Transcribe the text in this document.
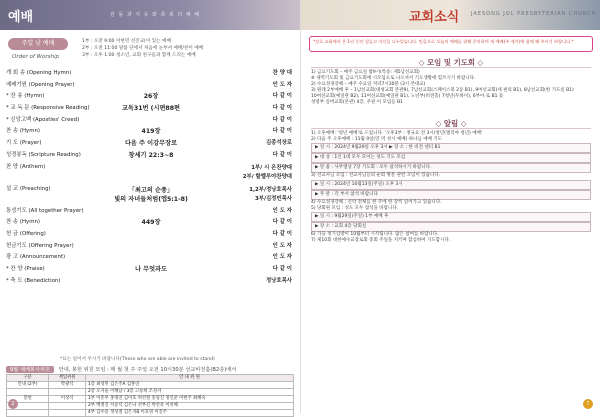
예배	감 동 과 지 유 와 축 복 의 예 배
주일 낮 예배
Order of Worship
1부 : 오전 9:00 이현민 선진교(이 있는 예배
2부 : 오전 11:00 말씀 단에서 처음에 눈부셔 예배/찬이 예배
3부 : 오후 1:00 청소년, 교회 친구들과 함께 드리는 예배
개 회 송 (Opening Hymn)	찬 양 대
예배기원 (Opening Prayer)	인 도 자
* 찬 송 (Hymn)	26장	다 같 이
* 교 독 문 (Responsive Reading)	교독31번 (시편88편	다 같 이
* 신앙고백 (Apostles' Creed)	다 같 이
찬 송 (Hymn)	419장	다 같 이
기 도 (Prayer)	다음 주 이강무장로	김종석장로
성경봉독 (Scripture Reading)	창세기 22:3~8	다 같 이
찬 양 (Anthem)	1부/ 시 온찬양대
2부/ 할렐루야찬양대
설 교 (Preaching)	「최고의 순종」
빛의 자녀들처럼(엡5:1-8)
1,2부/정낭호목사
3부/김정빈목사
통성기도 (All together Prayer)	인 도 자
찬 송 (Hymn)	449장	다 같 이
헌 금 (Offering)	다 같 이
헌금기도 (Offering Prayer)	인 도 자
광 고 (Announcement)	인 도 자
* 찬 양 (Praise)	나 무엇과도	다 같 이
* 축 도 (Benediction)	정낭호목사
*표는 일어서 주시기 바랍니다(Those who are able are invited to stand)
9월 예배봉사위원 안내, 봉헌 위원 모임 : 매 월 첫 주 주일 오전 10시30분 선교비전홀(B2층)에서
구분	책임위원	안 내 위 원
안내 (2부)	박광석	1층 최성민 김은주A 김홍연
		2층 오지윤 이해남 / 3층 고승희 조성자
봉헌	이성석	1부 이흥무 홍명진 김이호 허선철 송형진 정인준 이현주 최혜숙
		2부 백철진 서승덕 김은나 선부진 박선옥 이선혜
		4부 김수용 정성철 김은지B 이호영 이진주
2
교회소식 JAESONG JOL PRESBYTERIAN CHURCH
*장로 교회에서 온 1년 동안 힘들고 자신을 나누었습니다. 믿음으로 오늘의 예배를 위해 준비하며 새 예배(주 제기)에 함께 해 주시기 바랍니다.*
◇ 모임 및 기도회 ◇

1) 금요기도회 – 매주 금요일 밤9시(특송: 제5남선교회)

※ 새벽기도회 및 금요기도회에 시모임으로 나오셔서 기도생활에 힘쓰시기 바랍니다.

2) 수요성경강해 – 매주 수요일 저녁7시30분 (3시 본대교)

3) 원래 2부예배 후 – 1남선교회(대성교회 본관9), 7남선교회(스페이스북 2동 B1), 9여선교회(세 편의 B1), 8남선교회(한 기도실 B1)

10여선교회(예일관 B2), 11여선교회(예일관 B1), 노년부(비전홀) 7청년(두바이), 6부아 로 B1 등

성령부 실버교회(본관) 4층, 주관 이 모임들 B1

◇ 알림 ◇

1) 오후예배: '청년 예배'로 드립니다. '오후3부 : 정규요 전 3시(청년(엘리야 청년) 예배'

2) 다음 주 오후예배 : 11월 9일(연 역 성시 예배) 하나님 예배 기도

▶ 일 시 : 2024년 9월29일 오후 3시 ▶ 장 소 : 한 비전 센터 B1

▶ 대 상 : 1인 1대 모두 모이는 성도 기도 모임

▶ 말 씀 : 사무엘상 7장 기도회 : 모두 참석하시기 바랍니다.

3) 선교사님 모임 : 선교사님들의 순회 방문 관련 모임이 있습니다.

▶ 일 시 : 2024년 10월13일(주일) 오후 3시

▶ 무 관 : 각 부서 참석 바랍니다

4) 수요성경강해 : 신약 전체를 한 주에 한 장씩 읽어가고 있습니다.

5) 당회원 모임 : 성도 모두 참석을 바랍니다.

▶ 일 시 : 9월29일(주일) 1부 예배 후

▶ 장 소 : 교회 4층 당회실

6) 가을 정기심방이 10월부터 시작됩니다. 많은 참여를 바랍니다.

7) 제10회 대한예수교장로회 총회 주일을 지키며 합심하여 기도합시다.

7
